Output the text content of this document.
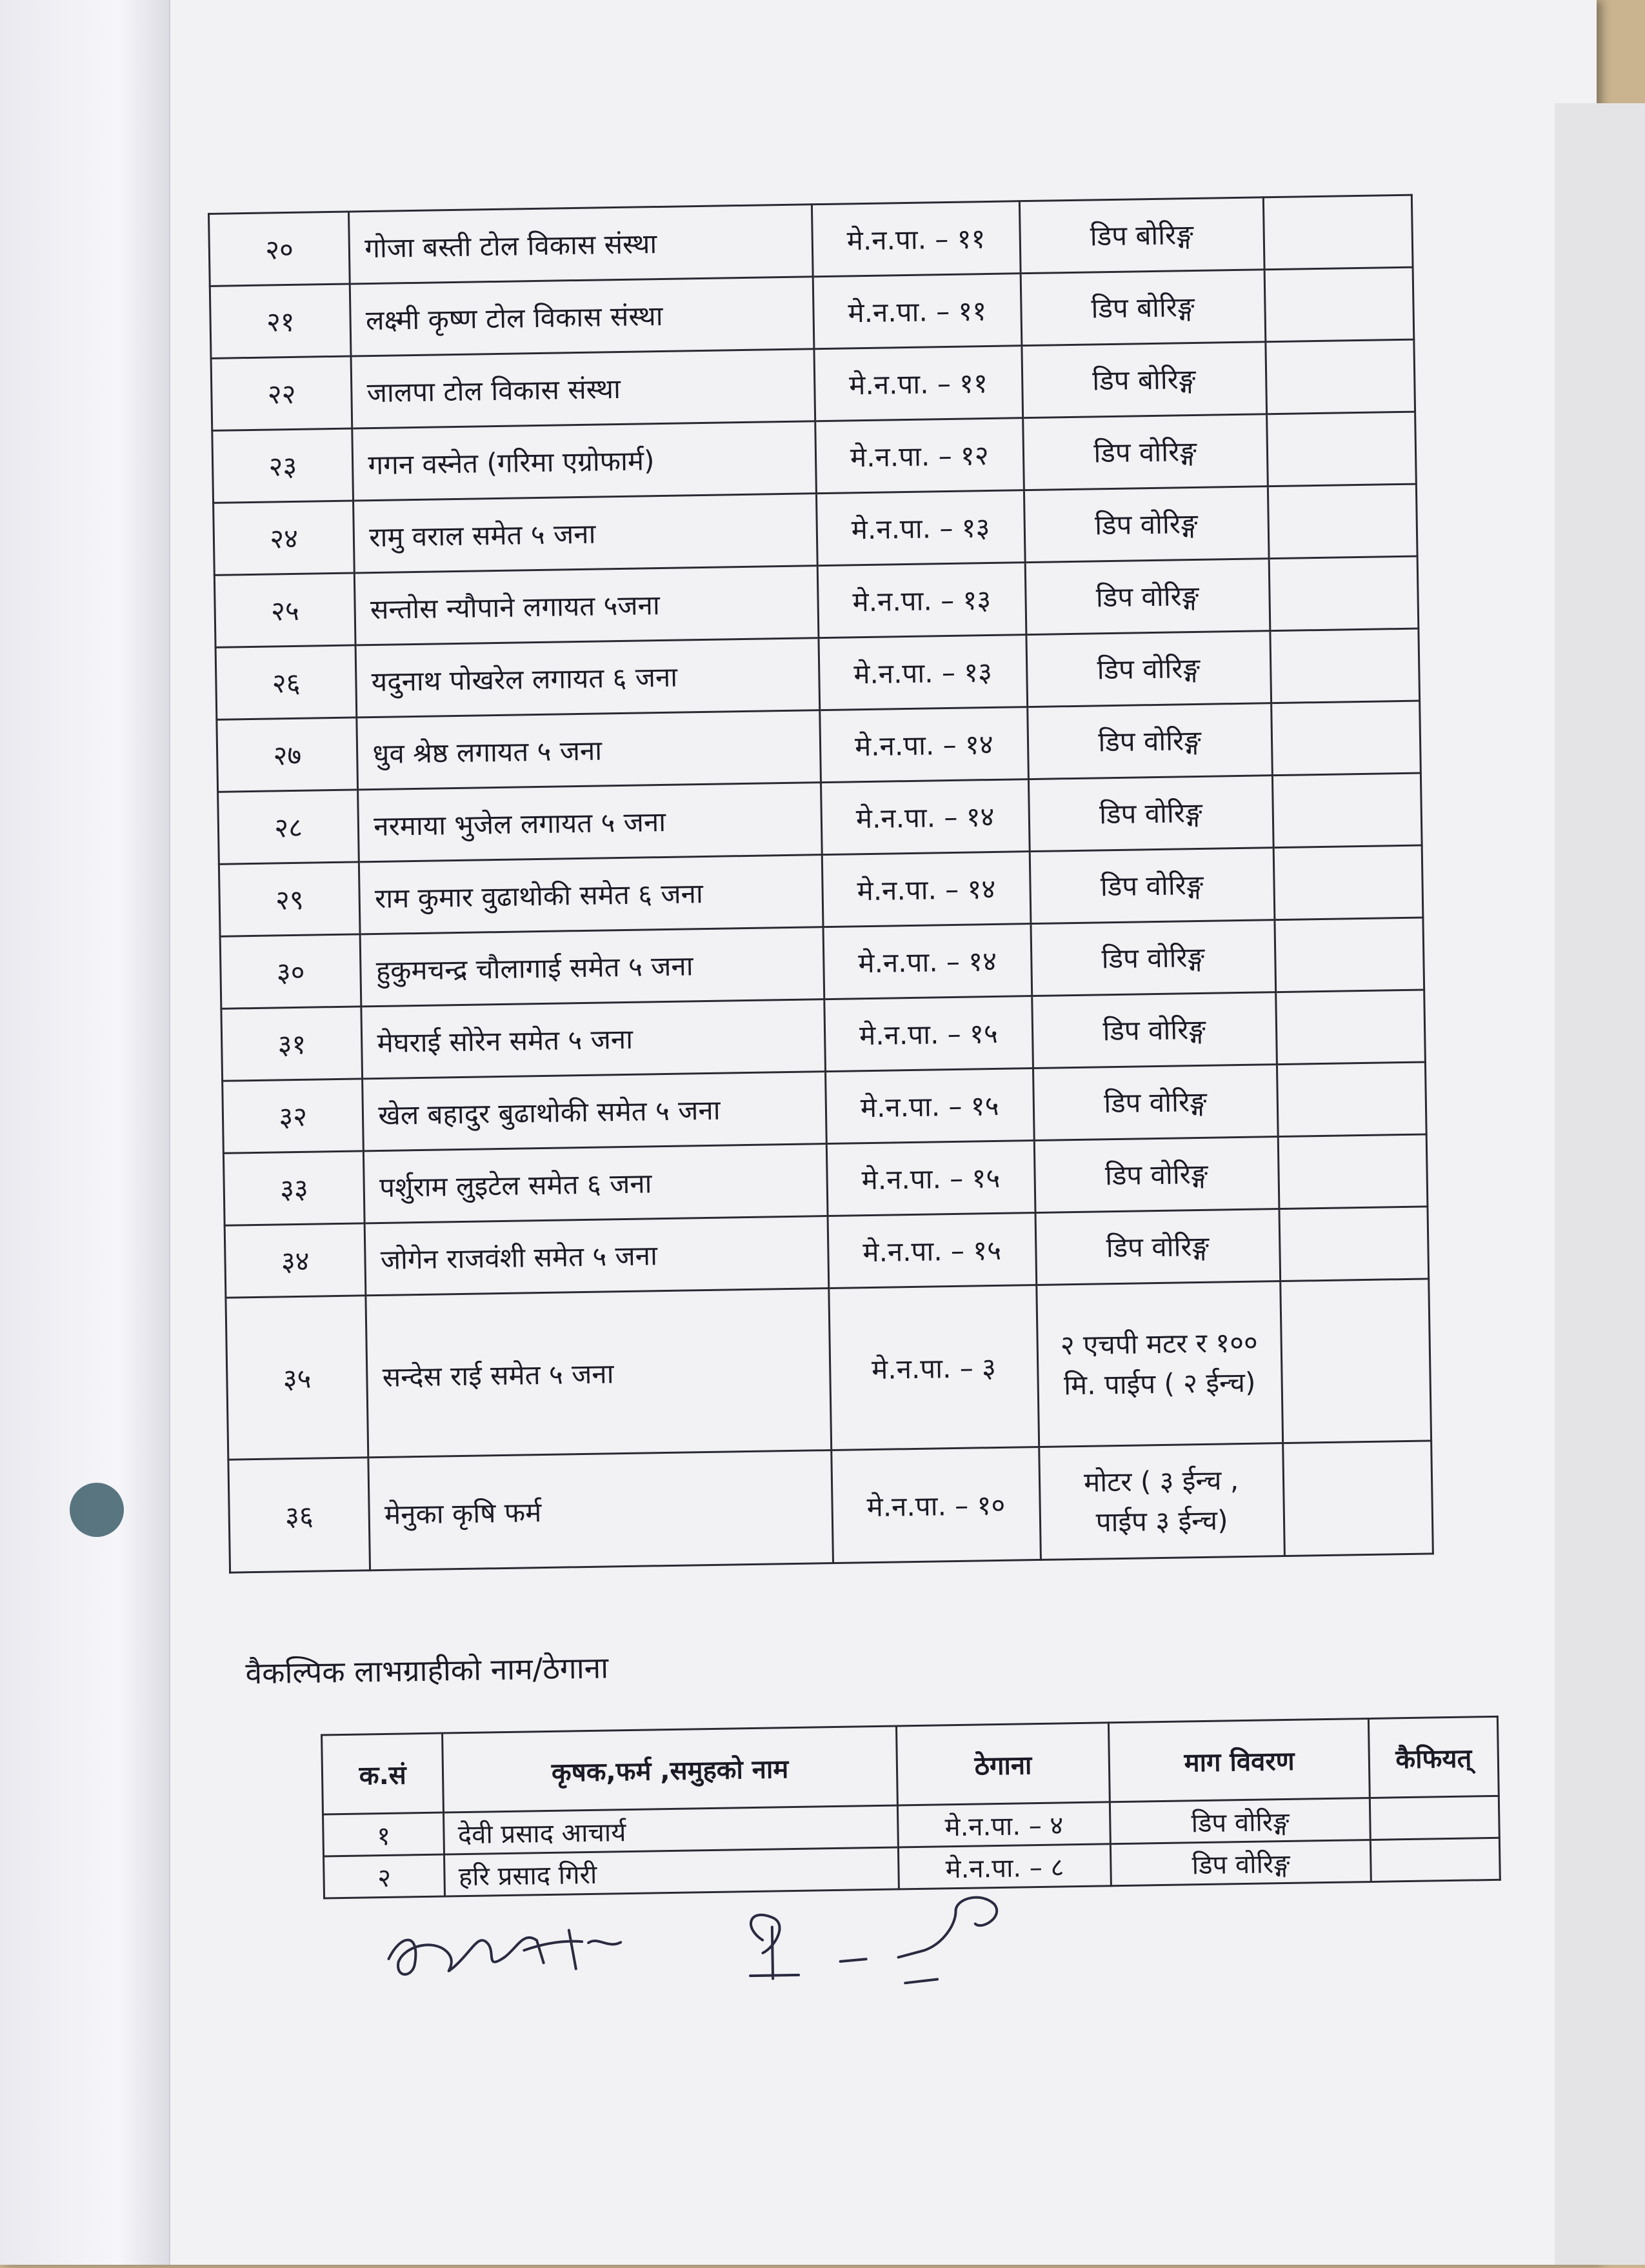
२०	गोजा बस्ती टोल विकास संस्था	मे.न.पा. – ११	डिप बोरिङ्ग	
२१	लक्ष्मी कृष्ण टोल विकास संस्था	मे.न.पा. – ११	डिप बोरिङ्ग	
२२	जालपा टोल विकास संस्था	मे.न.पा. – ११	डिप बोरिङ्ग	
२३	गगन वस्नेत (गरिमा एग्रोफार्म)	मे.न.पा. – १२	डिप वोरिङ्ग	
२४	रामु वराल समेत ५ जना	मे.न.पा. – १३	डिप वोरिङ्ग	
२५	सन्तोस न्यौपाने लगायत ५जना	मे.न.पा. – १३	डिप वोरिङ्ग	
२६	यदुनाथ पोखरेल लगायत ६ जना	मे.न.पा. – १३	डिप वोरिङ्ग	
२७	धुव श्रेष्ठ लगायत ५ जना	मे.न.पा. – १४	डिप वोरिङ्ग	
२८	नरमाया भुजेल लगायत ५ जना	मे.न.पा. – १४	डिप वोरिङ्ग	
२९	राम कुमार वुढाथोकी समेत ६ जना	मे.न.पा. – १४	डिप वोरिङ्ग	
३०	हुकुमचन्द्र चौलागाई समेत ५ जना	मे.न.पा. – १४	डिप वोरिङ्ग	
३१	मेघराई सोरेन समेत ५ जना	मे.न.पा. – १५	डिप वोरिङ्ग	
३२	खेल बहादुर बुढाथोकी समेत ५ जना	मे.न.पा. – १५	डिप वोरिङ्ग	
३३	पर्शुराम लुइटेल समेत ६ जना	मे.न.पा. – १५	डिप वोरिङ्ग	
३४	जोगेन राजवंशी समेत ५ जना	मे.न.पा. – १५	डिप वोरिङ्ग	
३५	सन्देस राई समेत ५ जना	मे.न.पा. – ३	२ एचपी मटर र १०० मि. पाईप ( २ ईन्च)	
३६	मेनुका कृषि फर्म	मे.न.पा. – १०	मोटर ( ३ ईन्च , पाईप ३ ईन्च)	
वैकल्पिक लाभग्राहीको नाम/ठेगाना
क.सं	कृषक,फर्म ,समुहको नाम	ठेगाना	माग विवरण	कैफियत्
१	देवी प्रसाद आचार्य	मे.न.पा. – ४	डिप वोरिङ्ग	
२	हरि प्रसाद गिरी	मे.न.पा. – ८	डिप वोरिङ्ग	
